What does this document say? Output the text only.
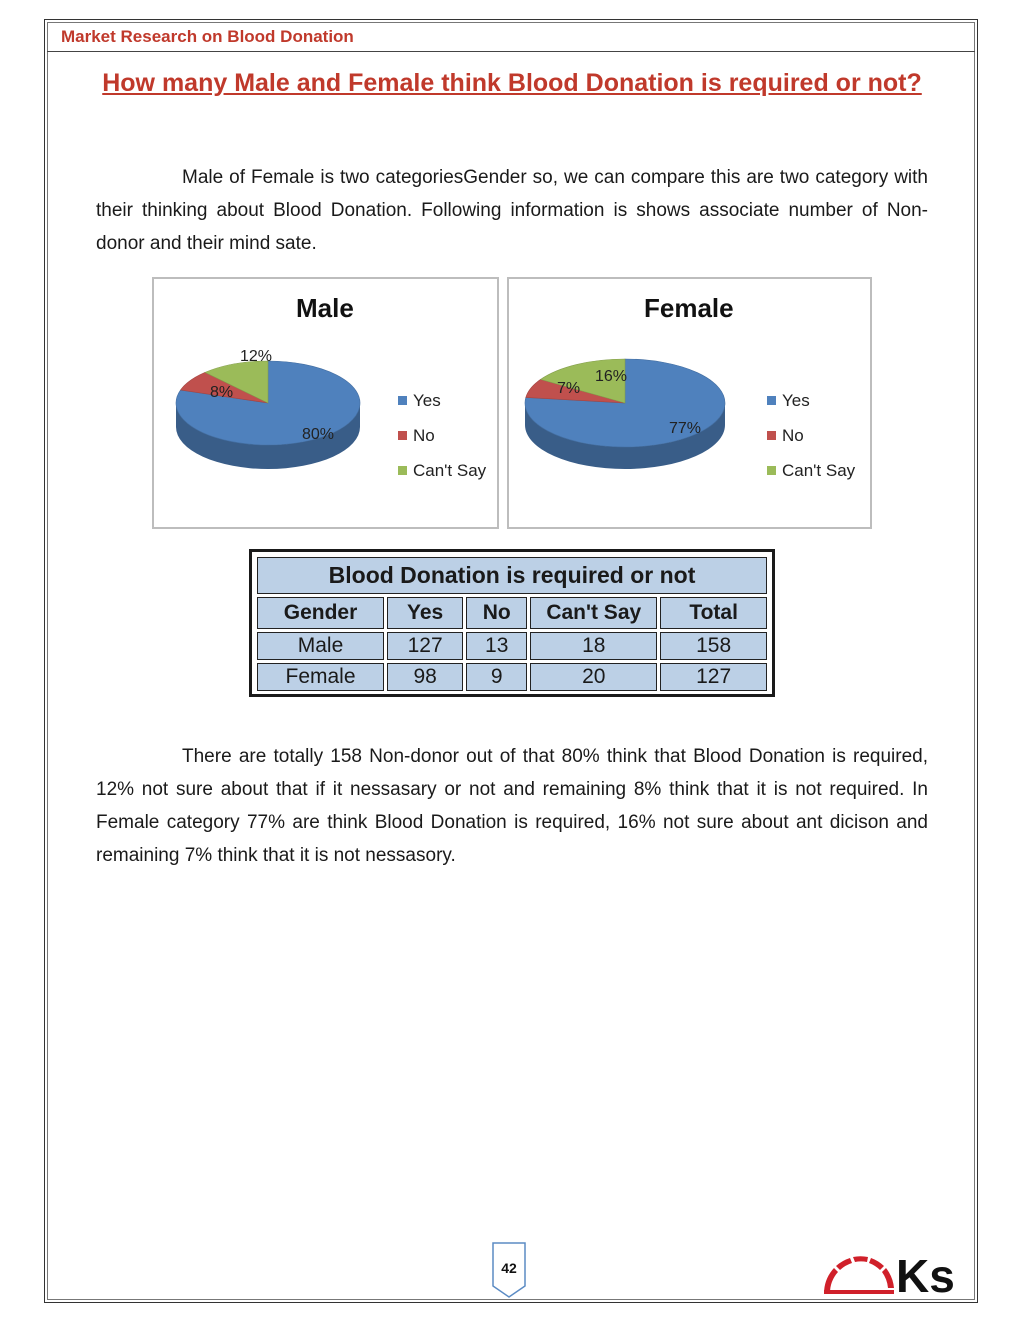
Market Research on Blood Donation
How many Male and Female think Blood Donation is required or not?
Male of Female is two categoriesGender so, we can compare this are two category with their thinking about Blood Donation. Following information is shows associate number of Non-donor and their mind sate.
80%
8%
12%
Male
Yes
No
Can't Say
77%
7%
16%
Female
Yes
No
Can't Say
Blood Donation is required or not				
Gender	Yes	No	Can't Say	Total
Male	127	13	18	158
Female	98	9	20	127
There are totally 158 Non-donor out of that 80% think that Blood Donation is required, 12% not sure about that if it nessasary or not and remaining 8% think that it is not required. In Female category 77% are think Blood Donation is required, 16% not sure about ant dicison and remaining 7% think that it is not nessasory.
42	Ks
